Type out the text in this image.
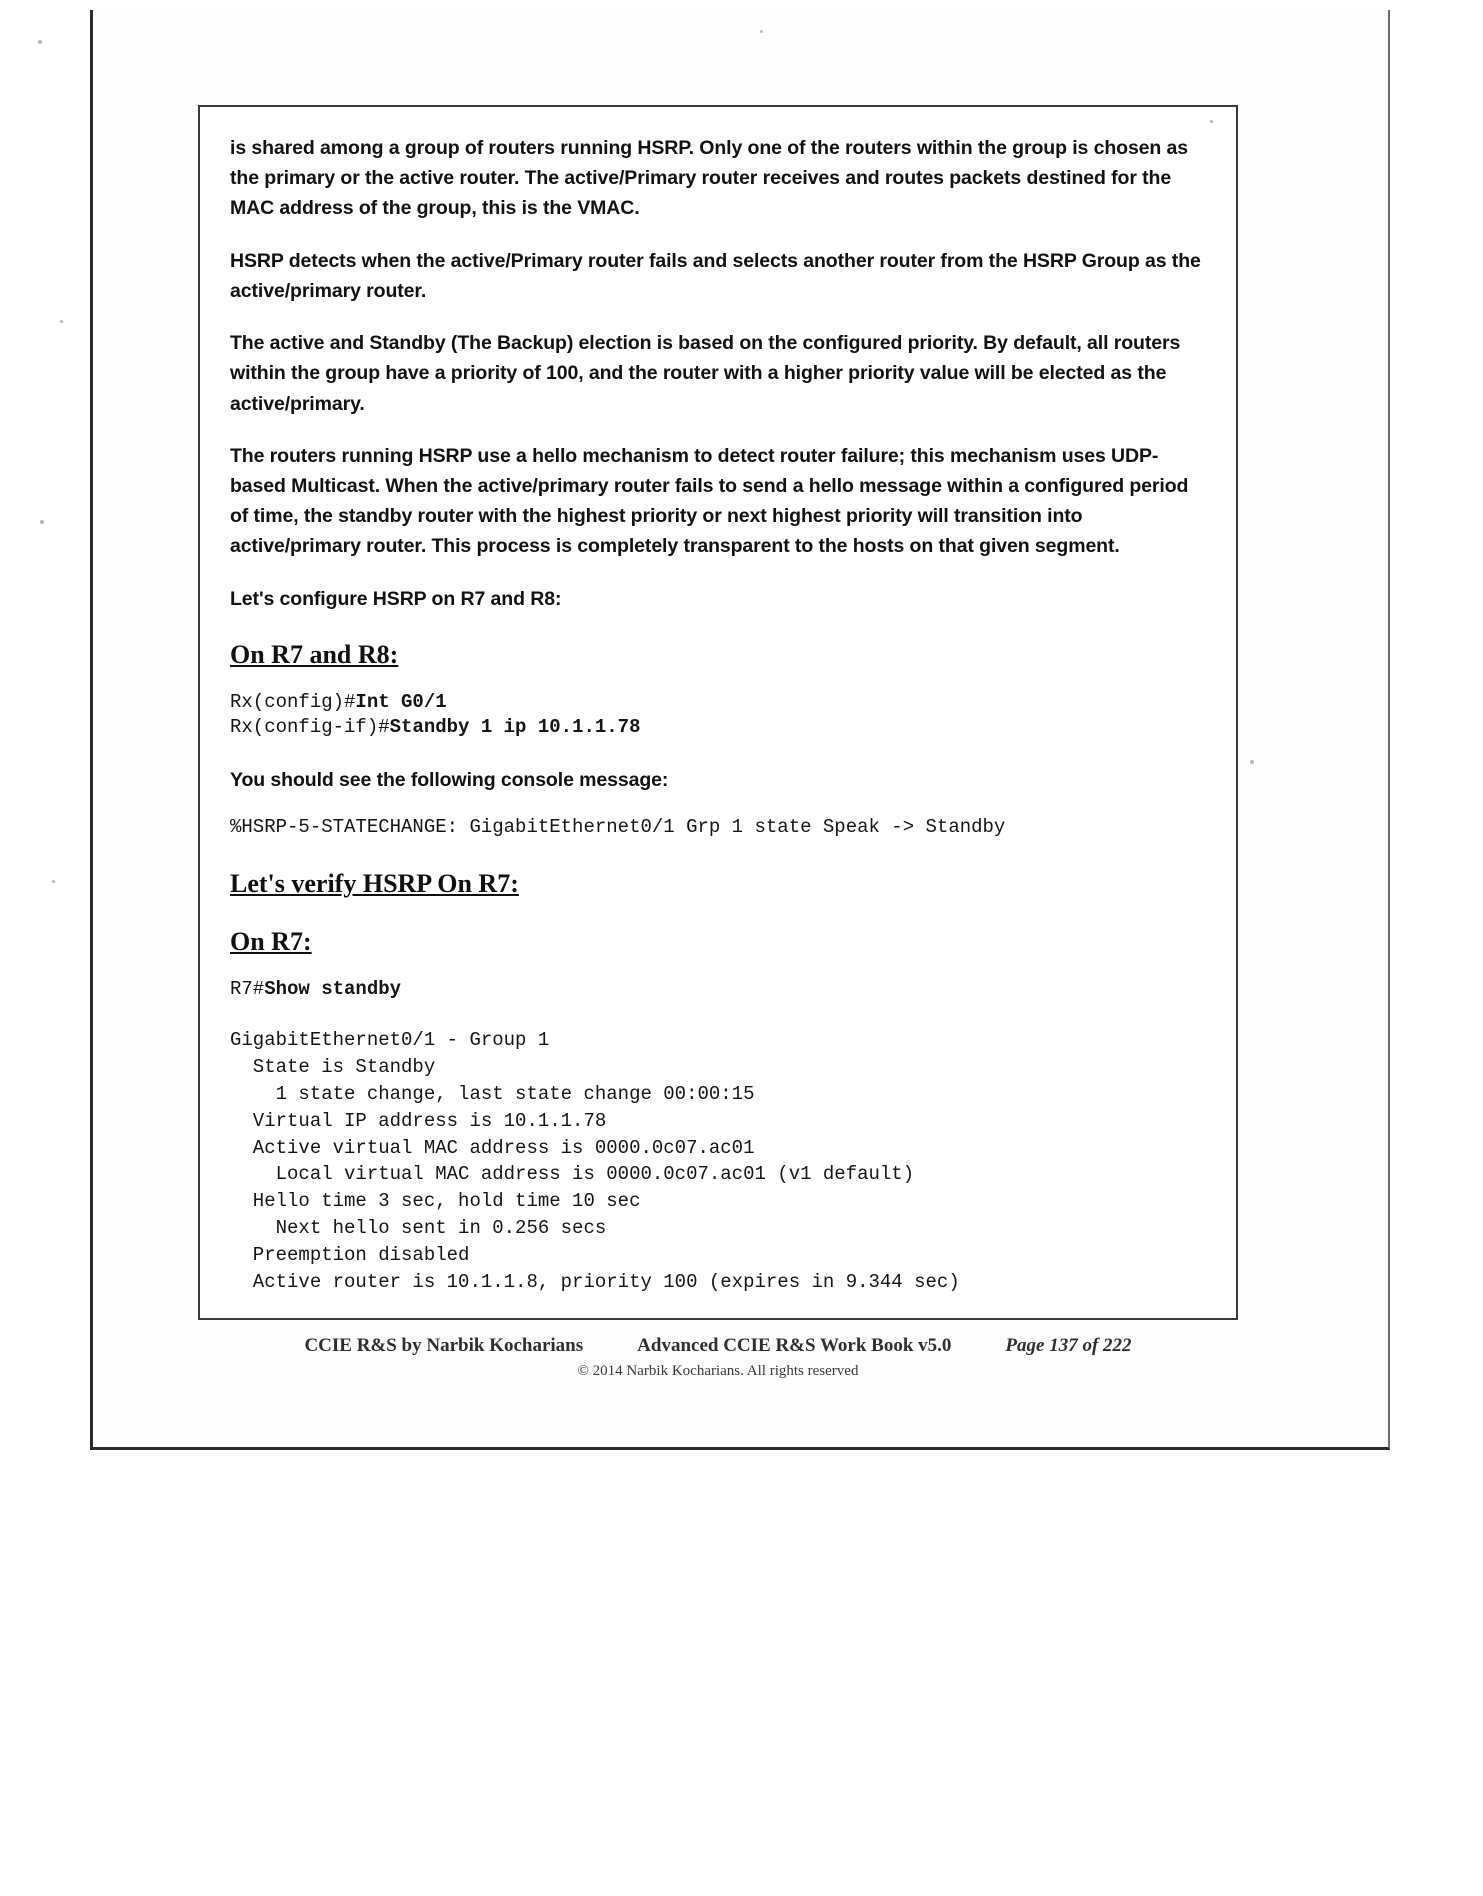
is shared among a group of routers running HSRP. Only one of the routers within the group is chosen as the primary or the active router. The active/Primary router receives and routes packets destined for the MAC address of the group, this is the VMAC.

HSRP detects when the active/Primary router fails and selects another router from the HSRP Group as the active/primary router.

The active and Standby (The Backup) election is based on the configured priority. By default, all routers within the group have a priority of 100, and the router with a higher priority value will be elected as the active/primary.

The routers running HSRP use a hello mechanism to detect router failure; this mechanism uses UDP-based Multicast. When the active/primary router fails to send a hello message within a configured period of time, the standby router with the highest priority or next highest priority will transition into active/primary router. This process is completely transparent to the hosts on that given segment.

Let's configure HSRP on R7 and R8:

On R7 and R8:
Rx(config)#Int G0/1
Rx(config-if)#Standby 1 ip 10.1.1.78

You should see the following console message:

%HSRP-5-STATECHANGE: GigabitEthernet0/1 Grp 1 state Speak -> Standby
Let's verify HSRP On R7:
On R7:
R7#Show standby
GigabitEthernet0/1 - Group 1
State is Standby
1 state change, last state change 00:00:15
Virtual IP address is 10.1.1.78
Active virtual MAC address is 0000.0c07.ac01
Local virtual MAC address is 0000.0c07.ac01 (v1 default)
Hello time 3 sec, hold time 10 sec
Next hello sent in 0.256 secs
Preemption disabled
Active router is 10.1.1.8, priority 100 (expires in 9.344 sec)
CCIE R&S by Narbik Kocharians	Advanced CCIE R&S Work Book v5.0	Page 137 of 222
© 2014 Narbik Kocharians. All rights reserved
